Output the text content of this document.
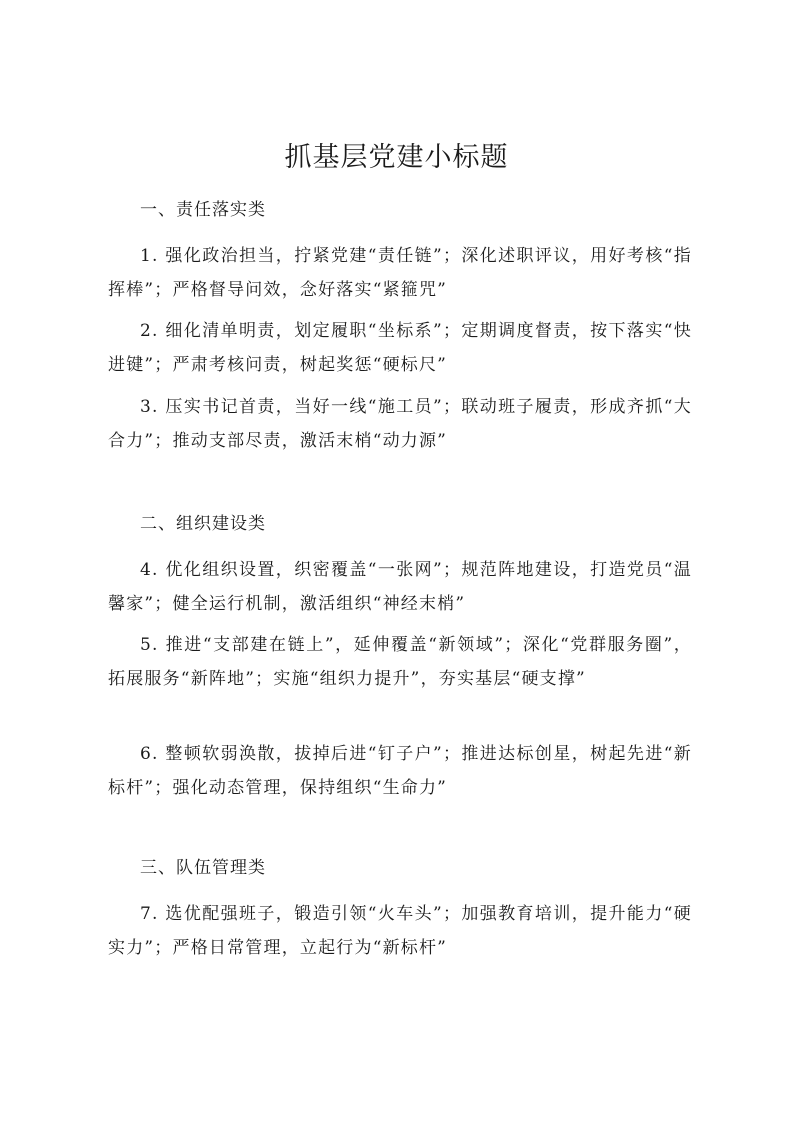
抓基层党建小标题
一、责任落实类
1. 强化政治担当，拧紧党建“责任链”；深化述职评议，用好考核“指挥棒”；严格督导问效，念好落实“紧箍咒”
2. 细化清单明责，划定履职“坐标系”；定期调度督责，按下落实“快进键”；严肃考核问责，树起奖惩“硬标尺”
3. 压实书记首责，当好一线“施工员”；联动班子履责，形成齐抓“大合力”；推动支部尽责，激活末梢“动力源”
二、组织建设类
4. 优化组织设置，织密覆盖“一张网”；规范阵地建设，打造党员“温馨家”；健全运行机制，激活组织“神经末梢”
5. 推进“支部建在链上”，延伸覆盖“新领域”；深化“党群服务圈”，拓展服务“新阵地”；实施“组织力提升”，夯实基层“硬支撑”
6. 整顿软弱涣散，拔掉后进“钉子户”；推进达标创星，树起先进“新标杆”；强化动态管理，保持组织“生命力”
三、队伍管理类
7. 选优配强班子，锻造引领“火车头”；加强教育培训，提升能力“硬实力”；严格日常管理，立起行为“新标杆”
